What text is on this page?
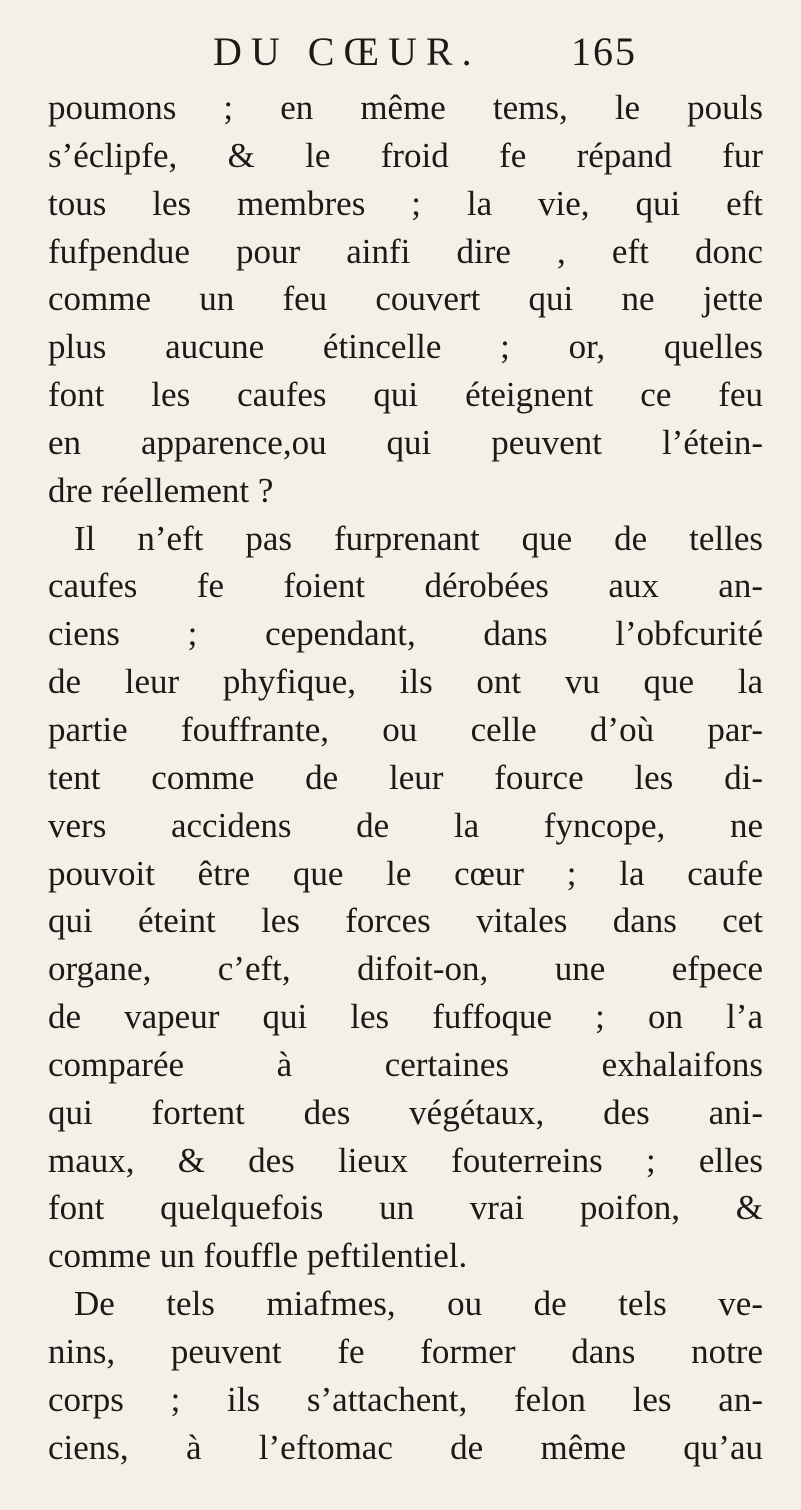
DU CŒUR. 165
poumons ; en même tems, le pouls
s’éclipfe, & le froid fe répand fur
tous les membres ; la vie, qui eft
fufpendue pour ainfi dire , eft donc
comme un feu couvert qui ne jette
plus aucune étincelle ; or, quelles
font les caufes qui éteignent ce feu
en apparence,ou qui peuvent l’étein-
dre réellement ?
Il n’eft pas furprenant que de telles
caufes fe foient dérobées aux an-
ciens ; cependant, dans l’obfcurité
de leur phyfique, ils ont vu que la
partie fouffrante, ou celle d’où par-
tent comme de leur fource les di-
vers accidens de la fyncope, ne
pouvoit être que le cœur ; la caufe
qui éteint les forces vitales dans cet
organe, c’eft, difoit-on, une efpece
de vapeur qui les fuffoque ; on l’a
comparée à certaines exhalaifons
qui fortent des végétaux, des ani-
maux, & des lieux fouterreins ; elles
font quelquefois un vrai poifon, &
comme un fouffle peftilentiel.
De tels miafmes, ou de tels ve-
nins, peuvent fe former dans notre
corps ; ils s’attachent, felon les an-
ciens, à l’eftomac de même qu’au
